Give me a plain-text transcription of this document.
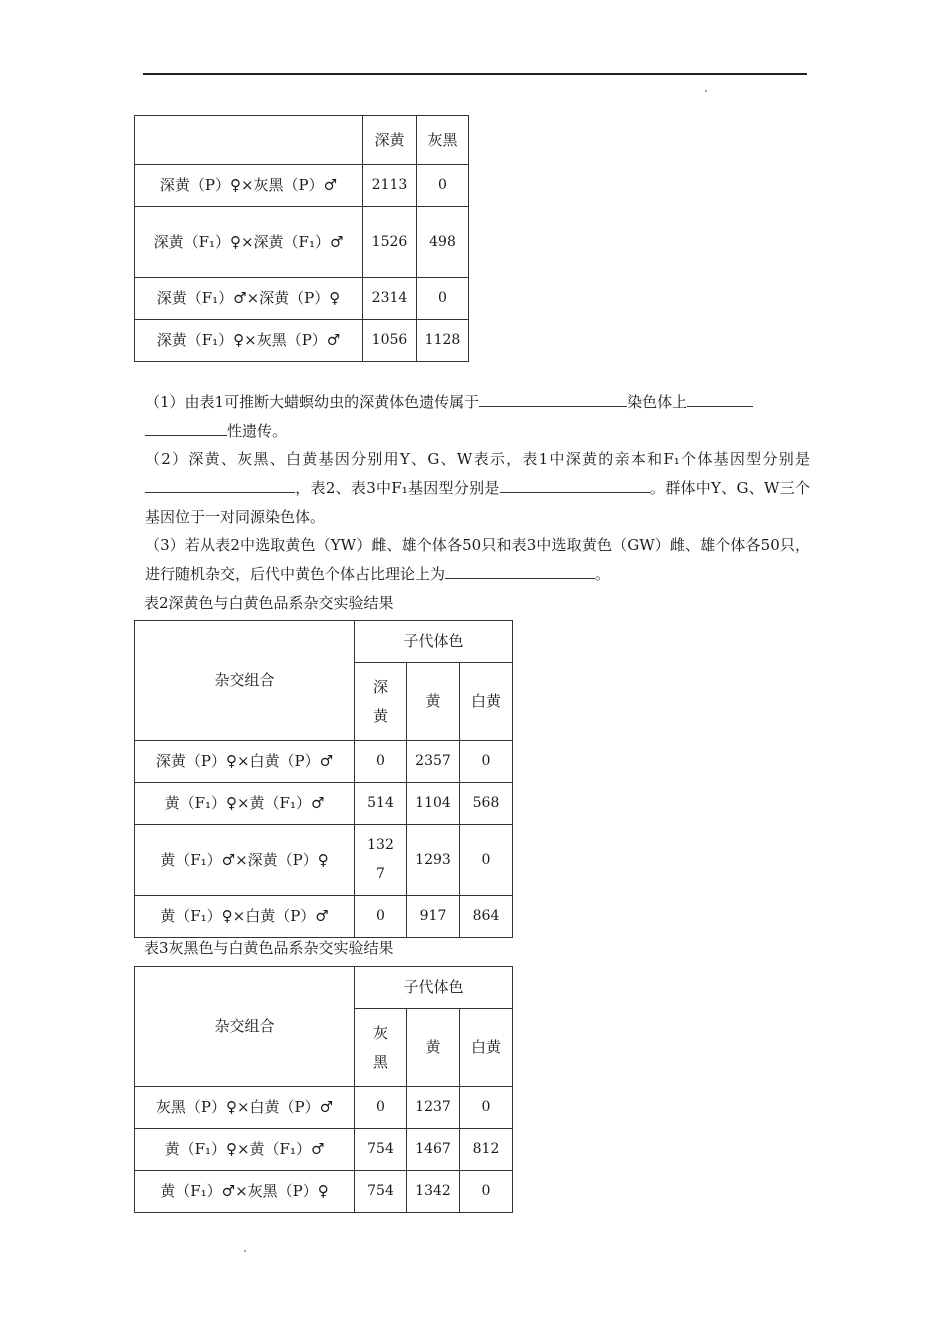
	深黄	灰黑
深黄（P）♀×灰黑（P）♂	2113	0
深黄（F₁）♀×深黄（F₁）♂	1526	498
深黄（F₁）♂×深黄（P）♀	2314	0
深黄（F₁）♀×灰黑（P）♂	1056	1128
（1）由表1可推断大蜡螟幼虫的深黄体色遗传属于	染色体上
性遗传。
（2）深黄、灰黑、白黄基因分别用Y、G、W表示，表1中深黄的亲本和F₁个体基因型分别是，表2、表3中F₁基因型分别是	。群体中Y、G、W三个基因位于一对同源染色体。
（3）若从表2中选取黄色（YW）雌、雄个体各50只和表3中选取黄色（GW）雌、雄个体各50只，进行随机杂交，后代中黄色个体占比理论上为	。
表2深黄色与白黄色品系杂交实验结果
杂交组合	子代体色		
	深黄	黄	白黄
深黄（P）♀×白黄（P）♂	0	2357	0
黄（F₁）♀×黄（F₁）♂	514	1104	568
黄（F₁）♂×深黄（P）♀	1327	1293	0
黄（F₁）♀×白黄（P）♂	0	917	864
表3灰黑色与白黄色品系杂交实验结果
杂交组合	子代体色		
	灰黑	黄	白黄
灰黑（P）♀×白黄（P）♂	0	1237	0
黄（F₁）♀×黄（F₁）♂	754	1467	812
黄（F₁）♂×灰黑（P）♀	754	1342	0
